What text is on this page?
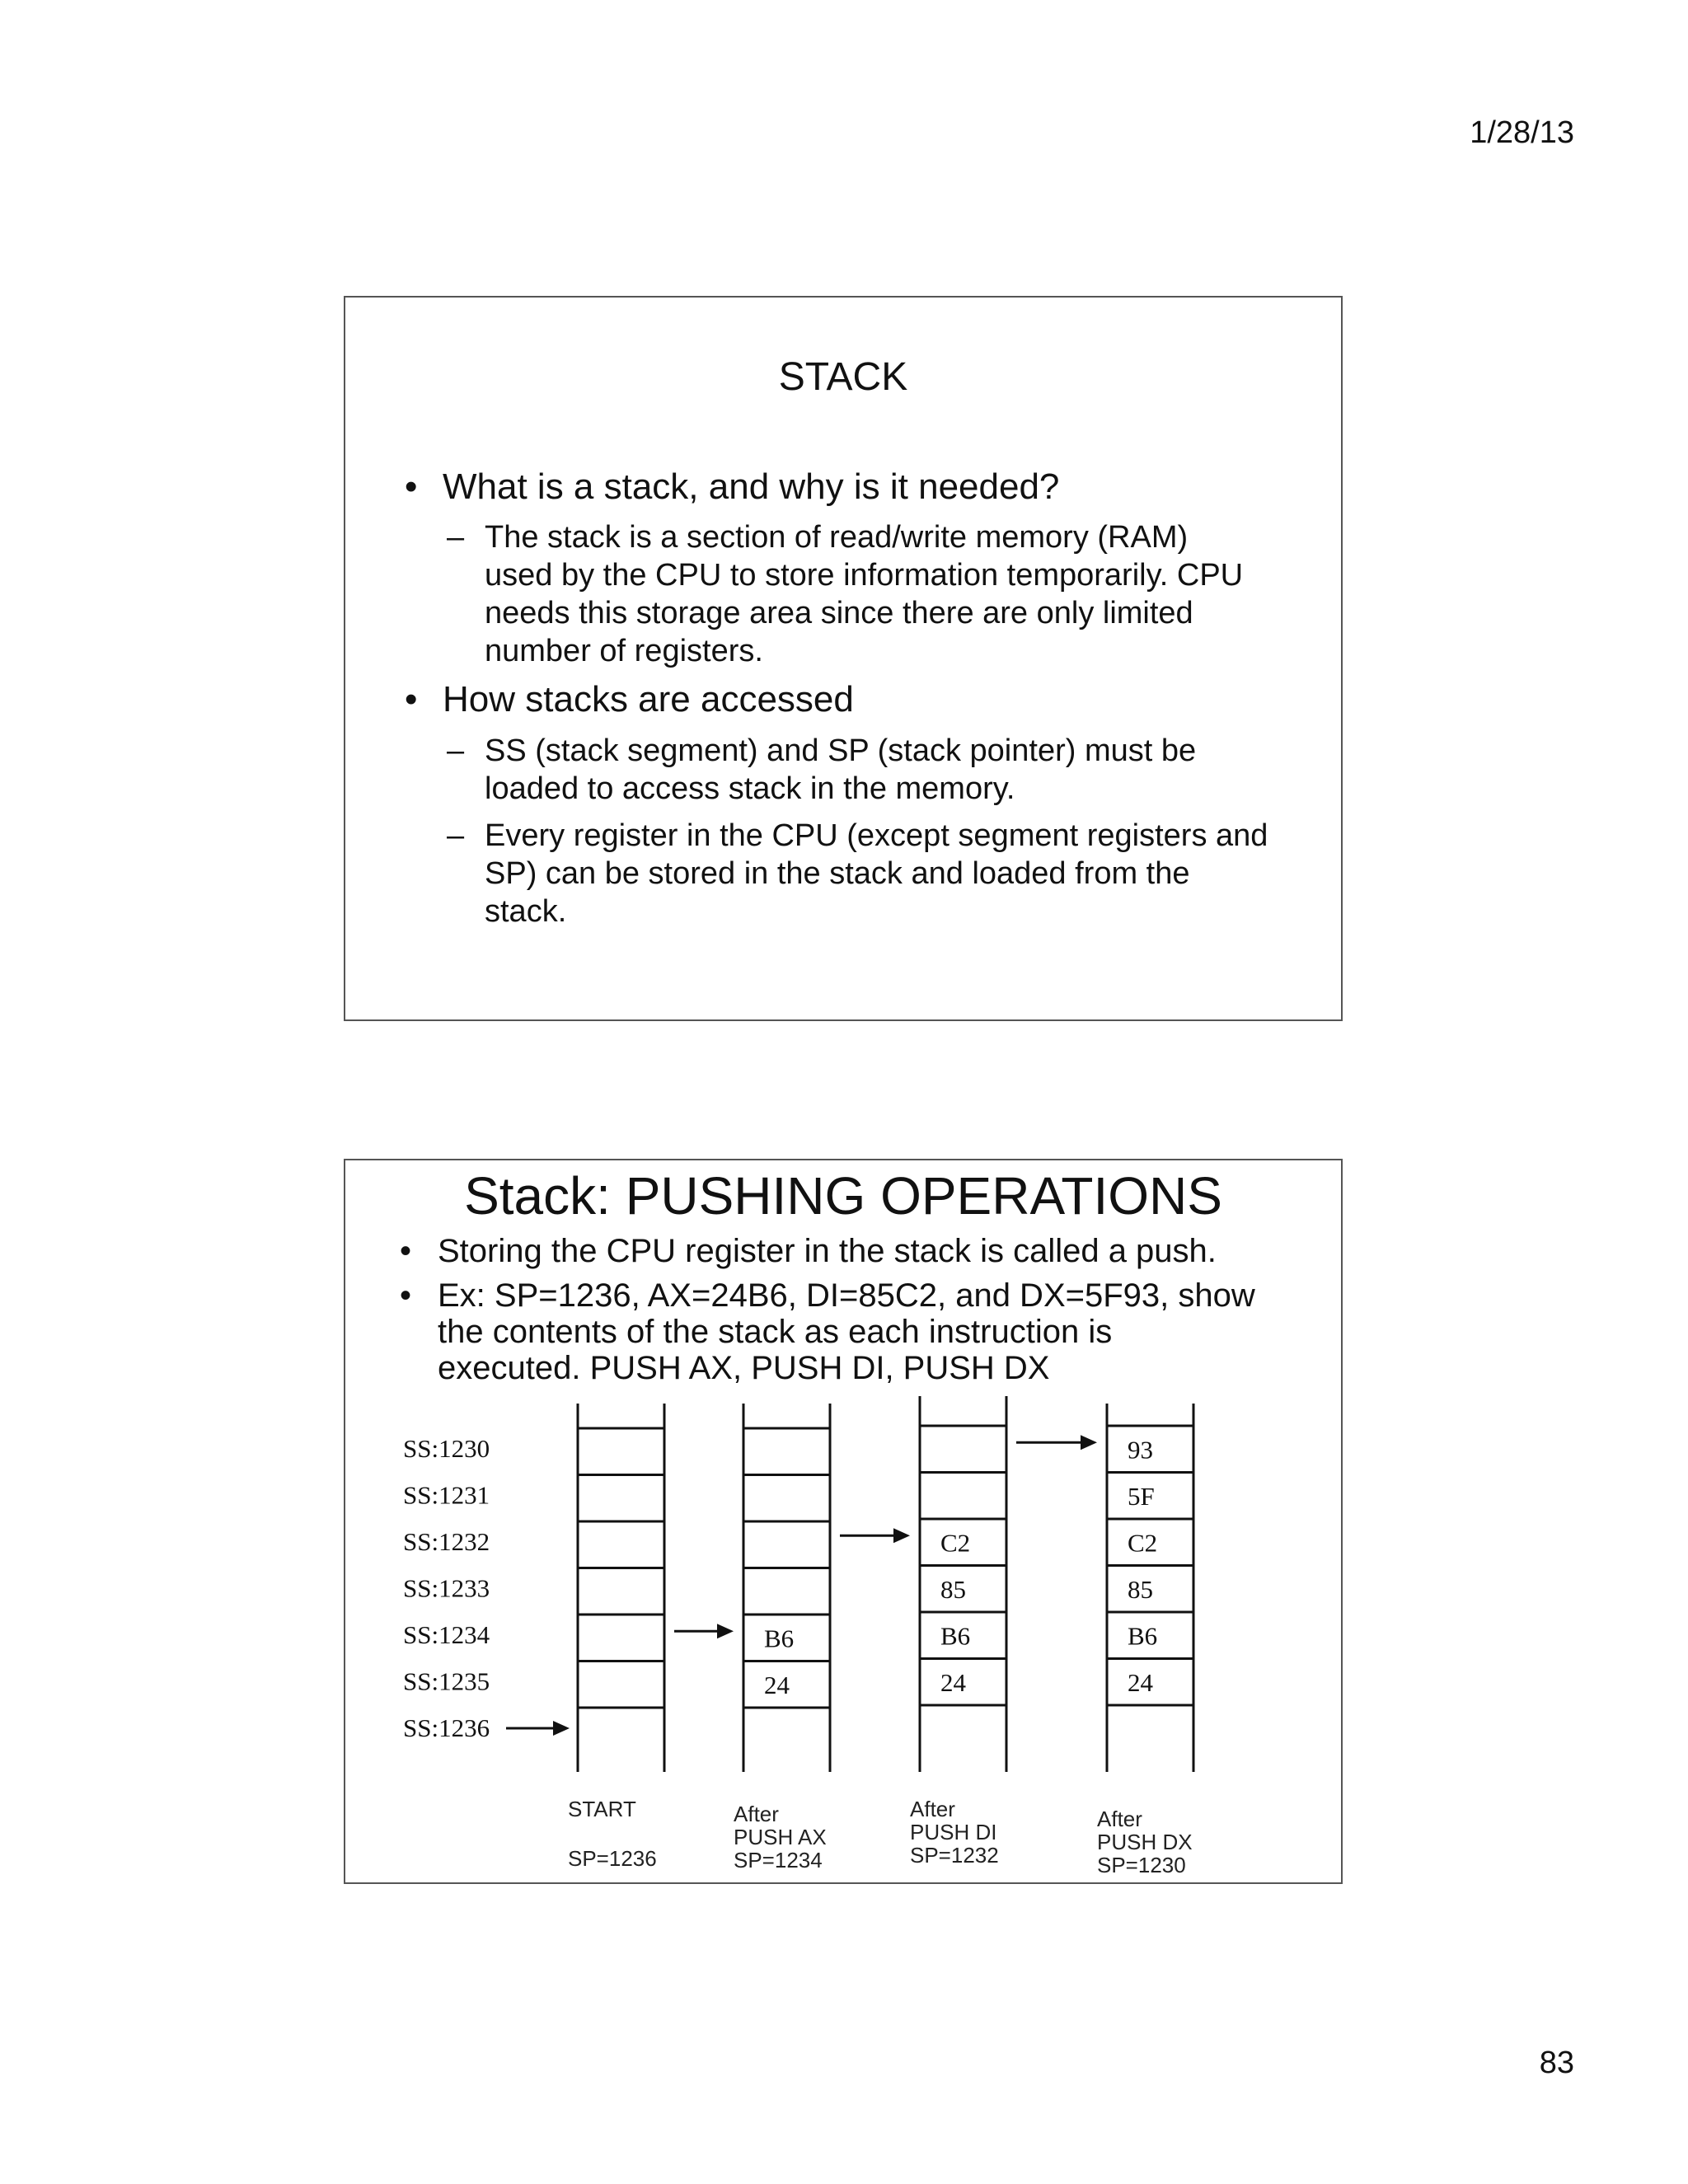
1/28/13
STACK
• What is a stack, and why is it needed?
– The stack is a section of read/write memory (RAM)
used by the CPU to store information temporarily. CPU
needs this storage area since there are only limited
number of registers.
• How stacks are accessed
– SS (stack segment) and SP (stack pointer) must be
loaded to access stack in the memory.
– Every register in the CPU (except segment registers and
SP) can be stored in the stack and loaded from the
stack.
Stack: PUSHING OPERATIONS
• Storing the CPU register in the stack is called a push.
• Ex: SP=1236, AX=24B6, DI=85C2, and DX=5F93, show
the contents of the stack as each instruction is
executed. PUSH AX, PUSH DI, PUSH DX
SS:1230
SS:1231
SS:1232
SS:1233
SS:1234
SS:1235
SS:1236
START
SP=1236
B6
24
After
PUSH AX
SP=1234
C2
85
B6
24
After
PUSH DI
SP=1232
93
5F
C2
85
B6
24
After
PUSH DX
SP=1230
83
